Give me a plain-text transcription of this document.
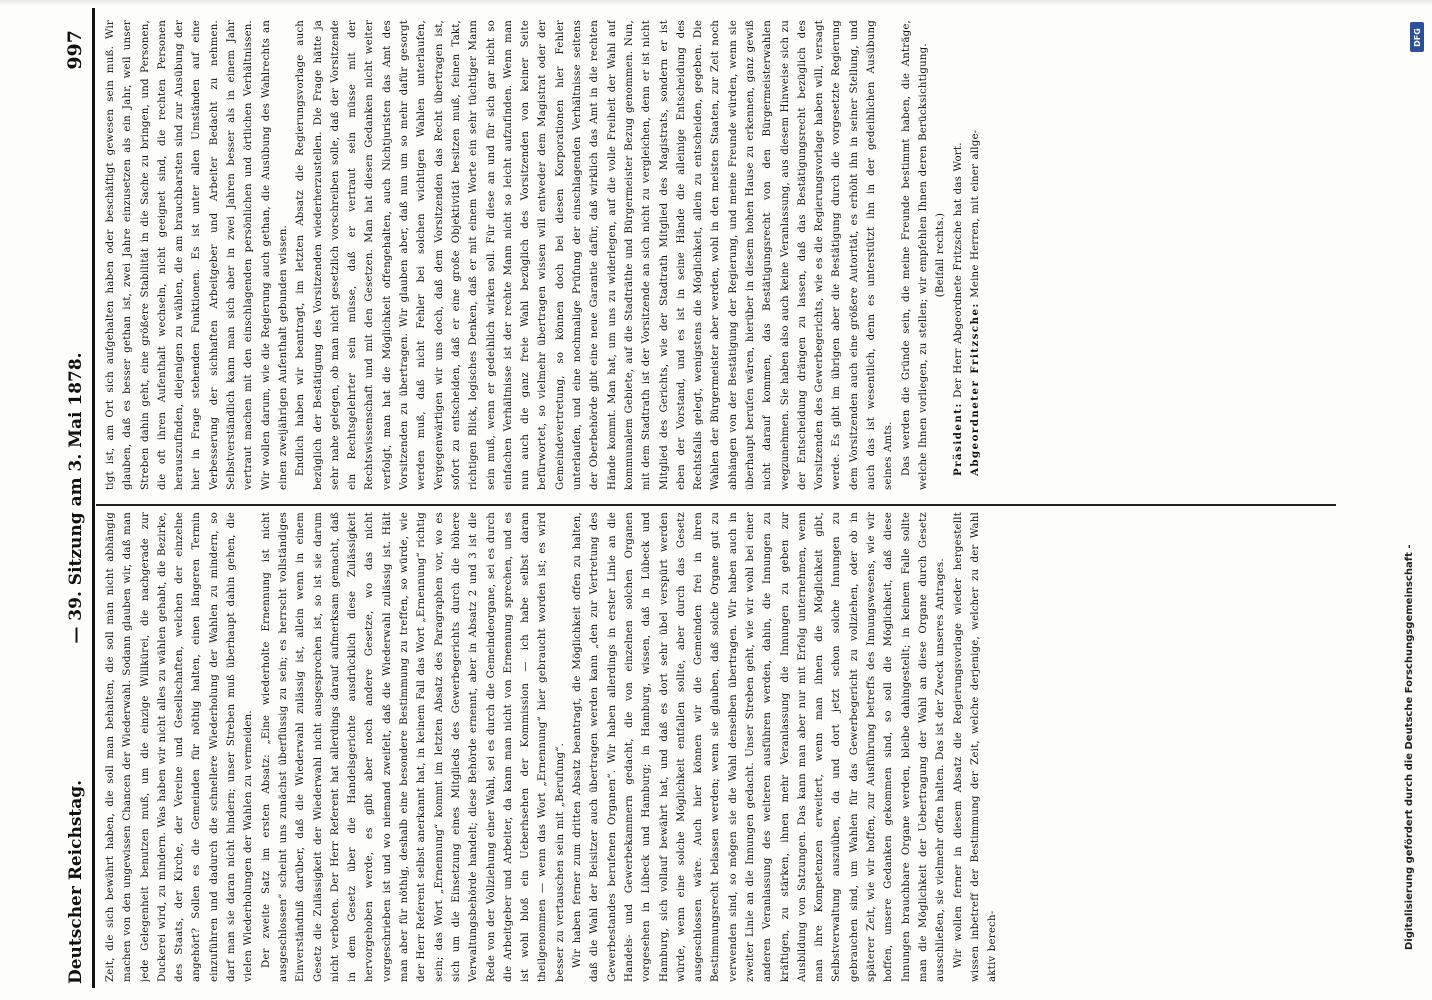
Deutscher Reichstag.
— 39. Sitzung am 3. Mai 1878.
997

Zeit, die sich bewährt haben, die soll man behalten, die soll man nicht abhängig machen von den ungewissen Chancen der Wiederwahl. Sodann glauben wir, daß man jede Gelegenheit benutzen muß, um die einzige Willkürei, die nachgerade zur Duckerei wird, zu mindern. Was haben wir nicht alles zu wählen gehabt, die Bezirke, des Staats, der Kirche, der Vereine und Gesellschaften, welchen der einzelne angehört? Sollen es die Gemeinden für nöthig halten, einen längeren Termin einzuführen und dadurch die schnellere Wiederholung der Wahlen zu mindern, so darf man sie daran nicht hindern; unser Streben muß überhaupt dahin gehen, die vielen Wiederholungen der Wahlen zu vermeiden. Der zweite Satz im ersten Absatz: „Eine wiederholte Ernennung ist nicht ausgeschlossen“ scheint uns zunächst überflüssig zu sein; es herrscht vollständiges Einverständniß darüber, daß die Wiederwahl zulässig ist, allein wenn in einem Gesetz die Zulässigkeit der Wiederwahl nicht ausgesprochen ist, so ist sie darum nicht verboten. Der Herr Referent hat allerdings darauf aufmerksam gemacht, daß in dem Gesetz über die Handelsgerichte ausdrücklich diese Zulässigkeit hervorgehoben werde, es gibt aber noch andere Gesetze, wo das nicht vorgeschrieben ist und wo niemand zweifelt, daß die Wiederwahl zulässig ist. Hält man aber für nöthig, deshalb eine besondere Bestimmung zu treffen, so würde, wie der Herr Referent selbst anerkannt hat, in keinem Fall das Wort „Ernennung“ richtig sein; das Wort „Ernennung“ kommt im letzten Absatz des Paragraphen vor, wo es sich um die Einsetzung eines Mitglieds des Gewerbegerichts durch die höhere Verwaltungsbehörde handelt; diese Behörde ernennt, aber in Absatz 2 und 3 ist die Rede von der Vollziehung einer Wahl, sei es durch die Gemeindeorgane, sei es durch die Arbeitgeber und Arbeiter, da kann man nicht von Ernennung sprechen, und es ist wohl bloß ein Ueberhsehen der Kommission — ich habe selbst daran theilgenommen — wenn das Wort „Ernennung“ hier gebraucht worden ist; es wird besser zu vertauschen sein mit „Berufung“. Wir haben ferner zum dritten Absatz beantragt, die Möglichkeit offen zu halten, daß die Wahl der Beisitzer auch übertragen werden kann „den zur Vertretung des Gewerbestandes berufenen Organen“. Wir haben allerdings in erster Linie an die Handels- und Gewerbekammern gedacht, die von einzelnen solchen Organen vorgesehen in Lübeck und Hamburg; in Hamburg, wissen, daß in Lübeck und Hamburg, sich vollauf bewährt hat, und daß es dort sehr übel verspürt werden würde, wenn eine solche Möglichkeit entfallen sollte, aber durch das Gesetz ausgeschlossen wäre. Auch hier können wir die Gemeinden frei in ihren Bestimmungsrecht belassen werden; wenn sie glauben, daß solche Organe gut zu verwenden sind, so mögen sie die Wahl denselben übertragen. Wir haben auch in zweiter Linie an die Innungen gedacht. Unser Streben geht, wie wir wohl bei einer anderen Veranlassung des weiteren ausführen werden, dahin, die Innungen zu kräftigen, zu stärken, ihnen mehr Veranlassung die Innungen zu geben zur Ausbildung von Satzungen. Das kann man aber nur mit Erfolg unternehmen, wenn man ihre Kompetenzen erweitert, wenn man ihnen die Möglichkeit gibt, Selbstverwaltung auszuüben, da und dort jetzt schon solche Innungen zu gebrauchen sind, um Wahlen für das Gewerbegericht zu vollziehen, oder ob in späterer Zeit, wie wir hoffen, zur Ausführung betreffs des Innungswesens, wie wir hoffen, unsere Gedanken gekommen sind, so soll die Möglichkeit, daß diese Innungen brauchbare Organe werden, bleibe dahingestellt; in keinem Falle sollte man die Möglichkeit der Uebertragung der Wahl an diese Organe durch Gesetz ausschließen, sie vielmehr offen halten. Das ist der Zweck unseres Antrages. Wir wollen ferner in diesem Absatz die Regierungsvorlage wieder hergestellt wissen inbetreff der Bestimmung der Zeit, welche derjenige, welcher zu der Wahl aktiv berech-

tigt ist, am Ort sich aufgehalten haben oder beschäftigt gewesen sein muß. Wir glauben, daß es besser gethan ist, zwei Jahre einzusetzen als ein Jahr, weil unser Streben dahin geht, eine größere Stabilität in die Sache zu bringen, und Personen, die oft ihren Aufenthalt wechseln, nicht geeignet sind, die rechten Personen herauszufinden, diejenigen zu wählen, die am brauchbarsten sind zur Ausübung der hier in Frage stehenden Funktionen. Es ist unter allen Umständen auf eine Verbesserung der sichhaften Arbeitgeber und Arbeiter Bedacht zu nehmen. Selbstverständlich kann man sich aber in zwei Jahren besser als in einem Jahr vertraut machen mit den einschlagenden persönlichen und örtlichen Verhältnissen. Wir wollen darum, wie die Regierung auch gethan, die Ausübung des Wahlrechts an einen zweijährigen Aufenthalt gebunden wissen. Endlich haben wir beantragt, im letzten Absatz die Regierungsvorlage auch bezüglich der Bestätigung des Vorsitzenden wiederherzustellen. Die Frage hätte ja sehr nahe gelegen, ob man nicht gesetzlich vorschreiben solle, daß der Vorsitzende ein Rechtsgelehrter sein müsse, daß er vertraut sein müsse mit der Rechtswissenschaft und mit den Gesetzen. Man hat diesen Gedanken nicht weiter verfolgt, man hat die Möglichkeit offengehalten, auch Nichtjuristen das Amt des Vorsitzenden zu übertragen. Wir glauben aber, daß nun um so mehr dafür gesorgt werden muß, daß nicht Fehler bei solchen wichtigen Wahlen unterlaufen, Vergegenwärtigen wir uns doch, daß dem Vorsitzenden das Recht übertragen ist, sofort zu entscheiden, daß er eine große Objektivität besitzen muß, feinen Takt, richtigen Blick, logisches Denken, daß er mit einem Worte ein sehr tüchtiger Mann sein muß, wenn er gedeihlich wirken soll. Für diese an und für sich gar nicht so einfachen Verhältnisse ist der rechte Mann nicht so leicht aufzufinden. Wenn man nun auch die ganz freie Wahl bezüglich des Vorsitzenden von keiner Seite befürwortet, so vielmehr übertragen wissen will entweder dem Magistrat oder der Gemeindevertretung, so können doch bei diesen Korporationen hier Fehler unterlaufen, und eine nochmalige Prüfung der einschlagenden Verhältnisse seitens der Oberbehörde gibt eine neue Garantie dafür, daß wirklich das Amt in die rechten Hände kommt. Man hat, um uns zu widerlegen, auf die volle Freiheit der Wahl auf kommunalem Gebiete, auf die Stadträthe und Bürgermeister Bezug genommen. Nun, mit dem Stadtrath ist der Vorsitzende an sich nicht zu vergleichen, denn er ist nicht Mitglied des Gerichts, wie der Stadtrath Mitglied des Magistrats, sondern er ist eben der Vorstand, und es ist in seine Hände die alleinige Entscheidung des Rechtsfalls gelegt, wenigstens die Möglichkeit, allein zu entscheiden, gegeben. Die Wahlen der Bürgermeister aber werden, wohl in den meisten Staaten, zur Zeit noch abhängen von der Bestätigung der Regierung, und meine Freunde würden, wenn sie überhaupt berufen wären, hierüber in diesem hohen Hause zu erkennen, ganz gewiß nicht darauf kommen, das Bestätigungsrecht von den Bürgermeisterwahlen wegzunehmen. Sie haben also auch keine Veranlassung, aus diesem Hinweise sich zu der Entscheidung drängen zu lassen, daß das Bestätigungsrecht bezüglich des Vorsitzenden des Gewerbegerichts, wie es die Regierungsvorlage haben will, versagt werde. Es gibt im übrigen aber die Bestätigung durch die vorgesetzte Regierung dem Vorsitzenden auch eine größere Autorität, es erhöht ihn in seiner Stellung, und auch das ist wesentlich, denn es unterstützt ihn in der gedeihlichen Ausübung seines Amts. Das werden die Gründe sein, die meine Freunde bestimmt haben, die Anträge, welche Ihnen vorliegen, zu stellen; wir empfehlen Ihnen deren Berücksichtigung. (Beifall rechts.)

Präsident: Der Herr Abgeordnete Fritzsche hat das Wort. Abgeordneter Fritzsche: Meine Herren, mit einer allge-

DFG
Digitalisierung gefördert durch die Deutsche Forschungsgemeinschaft -
